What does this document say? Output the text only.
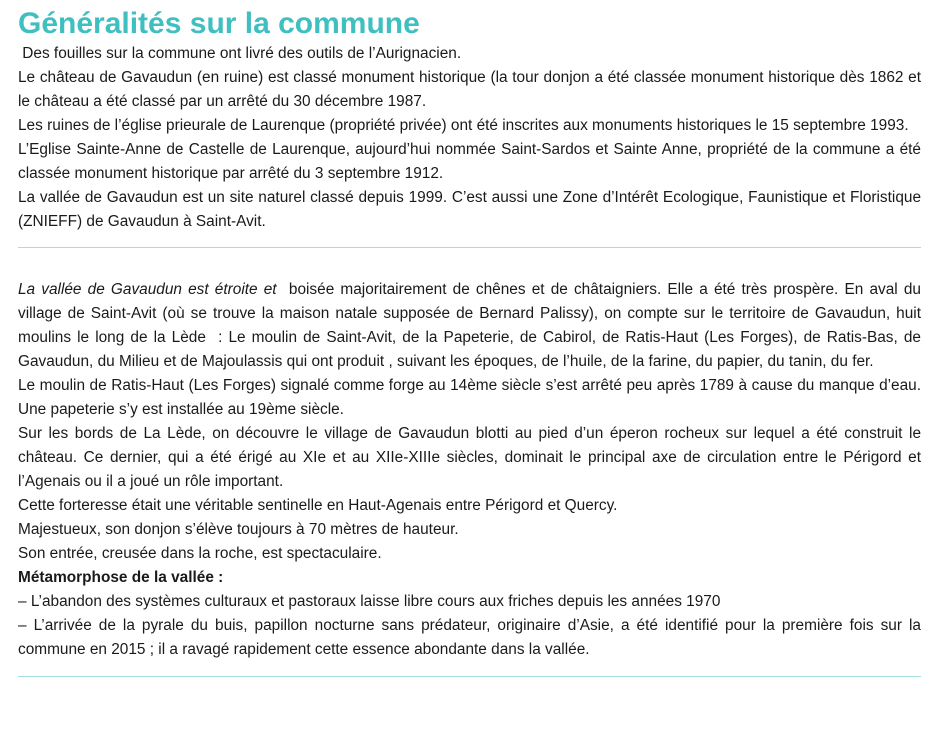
Généralités sur la commune

Des fouilles sur la commune ont livré des outils de l’Aurignacien.

Le château de Gavaudun (en ruine) est classé monument historique (la tour donjon a été classée monument historique dès 1862 et le château a été classé par un arrêté du 30 décembre 1987.

Les ruines de l’église prieurale de Laurenque (propriété privée) ont été inscrites aux monuments historiques le 15 septembre 1993.

L’Eglise Sainte-Anne de Castelle de Laurenque, aujourd’hui nommée Saint-Sardos et Sainte Anne, propriété de la commune a été classée monument historique par arrêté du 3 septembre 1912.

La vallée de Gavaudun est un site naturel classé depuis 1999. C’est aussi une Zone d’Intérêt Ecologique, Faunistique et Floristique (ZNIEFF) de Gavaudun à Saint-Avit.

La vallée de Gavaudun est étroite et  boisée majoritairement de chênes et de châtaigniers. Elle a été très prospère. En aval du village de Saint-Avit (où se trouve la maison natale supposée de Bernard Palissy), on compte sur le territoire de Gavaudun, huit moulins le long de la Lède  : Le moulin de Saint-Avit, de la Papeterie, de Cabirol, de Ratis-Haut (Les Forges), de Ratis-Bas, de Gavaudun, du Milieu et de Majoulassis qui ont produit , suivant les époques, de l’huile, de la farine, du papier, du tanin, du fer.

Le moulin de Ratis-Haut (Les Forges) signalé comme forge au 14ème siècle s’est arrêté peu après 1789 à cause du manque d’eau. Une papeterie s’y est installée au 19ème siècle.

Sur les bords de La Lède, on découvre le village de Gavaudun blotti au pied d’un éperon rocheux sur lequel a été construit le château. Ce dernier, qui a été érigé au XIe et au XIIe-XIIIe siècles, dominait le principal axe de circulation entre le Périgord et l’Agenais ou il a joué un rôle important.

Cette forteresse était une véritable sentinelle en Haut-Agenais entre Périgord et Quercy.

Majestueux, son donjon s’élève toujours à 70 mètres de hauteur.

Son entrée, creusée dans la roche, est spectaculaire.

Métamorphose de la vallée :

– L’abandon des systèmes culturaux et pastoraux laisse libre cours aux friches depuis les années 1970

– L’arrivée de la pyrale du buis, papillon nocturne sans prédateur, originaire d’Asie, a été identifié pour la première fois sur la commune en 2015 ; il a ravagé rapidement cette essence abondante dans la vallée.
